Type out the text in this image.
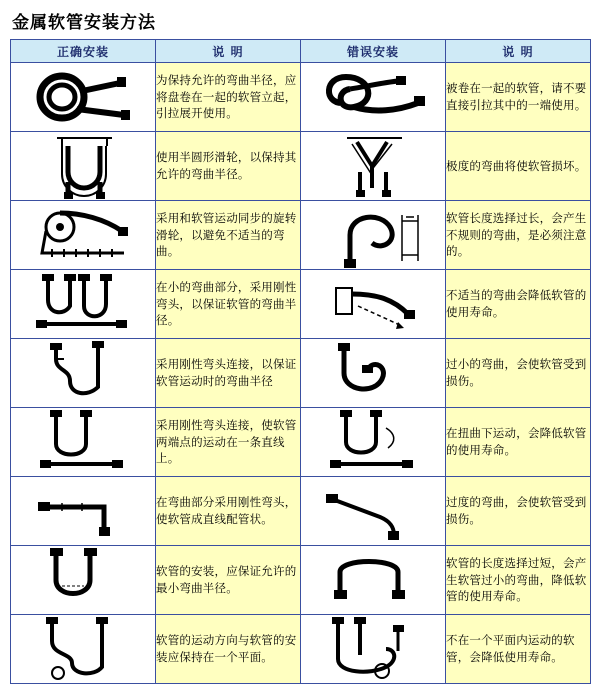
金属软管安装方法
正确安装	说 明	错误安装	说 明

	为保持允许的弯曲半径，应将盘卷在一起的软管立起，引拉展开使用。		被卷在一起的软管，请不要直接引拉其中的一端使用。

	使用半圆形滑轮，以保持其允许的弯曲半径。		极度的弯曲将使软管损坏。

	采用和软管运动同步的旋转滑轮，以避免不适当的弯曲。		软管长度选择过长，会产生不规则的弯曲，是必须注意的。

	在小的弯曲部分，采用刚性弯头，以保证软管的弯曲半径。		不适当的弯曲会降低软管的使用寿命。

	采用刚性弯头连接，以保证软管运动时的弯曲半径		过小的弯曲，会使软管受到损伤。

	采用刚性弯头连接，使软管两端点的运动在一条直线上。		在扭曲下运动，会降低软管的使用寿命。

	在弯曲部分采用刚性弯头，使软管成直线配管状。		过度的弯曲，会使软管受到损伤。

	软管的安装，应保证允许的最小弯曲半径。		软管的长度选择过短，会产生软管过小的弯曲，降低软管的使用寿命。

	软管的运动方向与软管的安装应保持在一个平面。		不在一个平面内运动的软管，会降低使用寿命。
